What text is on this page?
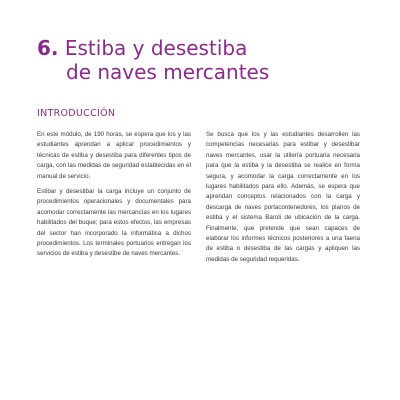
6. Estiba y desestiba
de naves mercantes
INTRODUCCIÓN

En este módulo, de 190 horas, se espera que los y las estudiantes aprendan a aplicar procedimientos y técnicas de estiba y desestiba para diferentes tipos de carga, con las medidas de seguridad establecidas en el manual de servicio.

Estibar y desestibar la carga incluye un conjunto de procedimientos operacionales y documentales para acomodar correctamente las mercancías en los lugares habilitados del buque; para estos efectos, las empresas del sector han incorporado la informática a dichos procedimientos. Los terminales portuarios entregan los servicios de estiba y desestibe de naves mercantes.

Se busca que los y las estudiantes desarrollen las competencias necesarias para estibar y desestibar naves mercantes, usar la utilería portuaria necesaria para que la estiba y la desestiba se realice en forma segura, y acomodar la carga correctamente en los lugares habilitados para ello. Además, se espera que aprendan conceptos relacionados con la carga y descarga de naves portacontenedores, los planos de estiba y el sistema Baroli de ubicación de la carga. Finalmente, que pretende que sean capaces de elaborar los informes técnicos posteriores a una faena de estiba o desestiba de las cargas y apliquen las medidas de seguridad requeridas.
